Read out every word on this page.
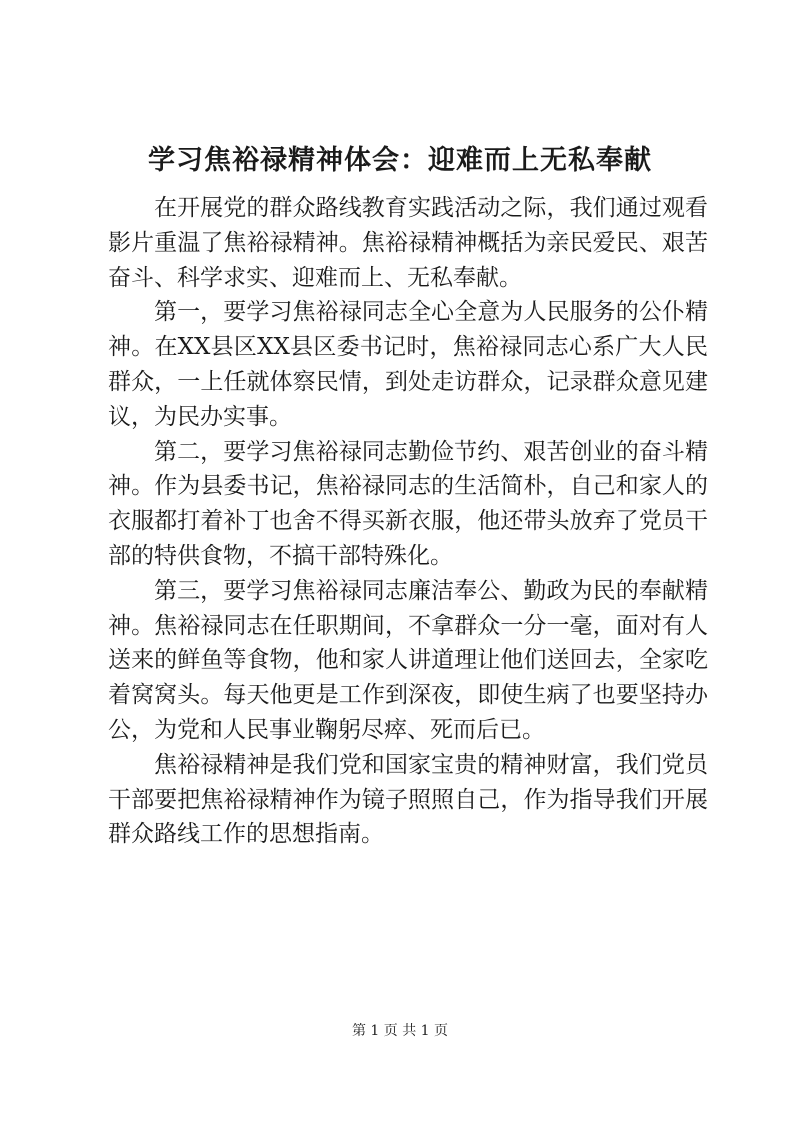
学习焦裕禄精神体会：迎难而上无私奉献

在开展党的群众路线教育实践活动之际，我们通过观看影片重温了焦裕禄精神。焦裕禄精神概括为亲民爱民、艰苦奋斗、科学求实、迎难而上、无私奉献。

第一，要学习焦裕禄同志全心全意为人民服务的公仆精神。在XX县区XX县区委书记时，焦裕禄同志心系广大人民群众，一上任就体察民情，到处走访群众，记录群众意见建议，为民办实事。

第二，要学习焦裕禄同志勤俭节约、艰苦创业的奋斗精神。作为县委书记，焦裕禄同志的生活简朴，自己和家人的衣服都打着补丁也舍不得买新衣服，他还带头放弃了党员干部的特供食物，不搞干部特殊化。

第三，要学习焦裕禄同志廉洁奉公、勤政为民的奉献精神。焦裕禄同志在任职期间，不拿群众一分一毫，面对有人送来的鲜鱼等食物，他和家人讲道理让他们送回去，全家吃着窝窝头。每天他更是工作到深夜，即使生病了也要坚持办公，为党和人民事业鞠躬尽瘁、死而后已。

焦裕禄精神是我们党和国家宝贵的精神财富，我们党员干部要把焦裕禄精神作为镜子照照自己，作为指导我们开展群众路线工作的思想指南。

第 1 页 共 1 页
